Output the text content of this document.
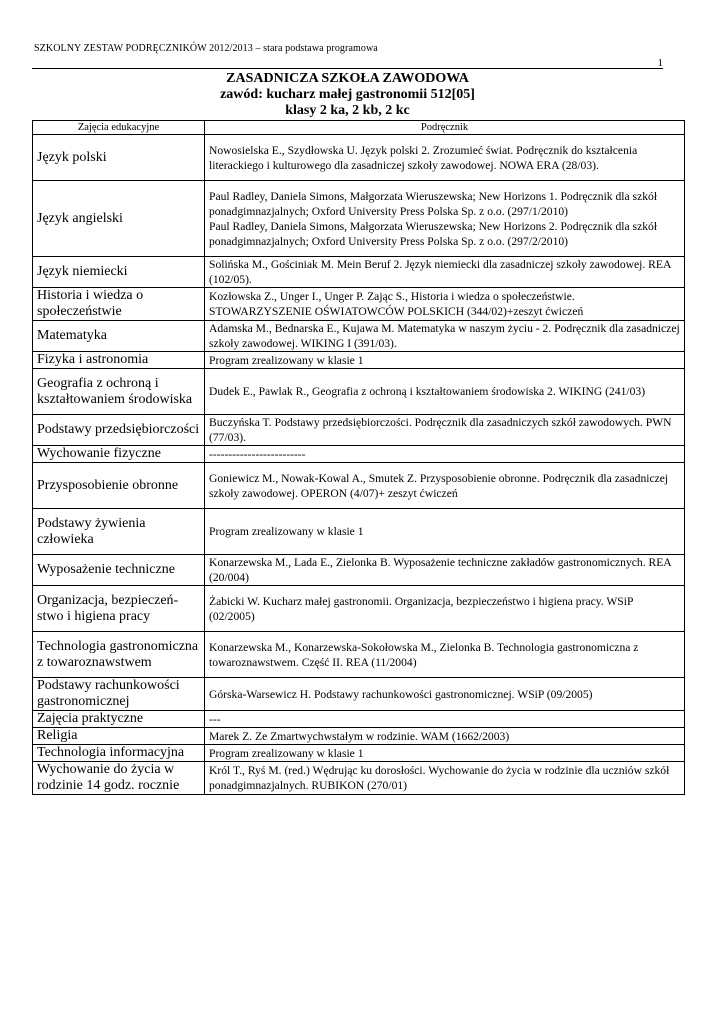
SZKOLNY ZESTAW PODRĘCZNIKÓW 2012/2013 – stara podstawa programowa
1
ZASADNICZA SZKOŁA ZAWODOWA
zawód: kucharz małej gastronomii 512[05]
klasy 2 ka, 2 kb, 2 kc
Zajęcia edukacyjne	Podręcznik
Język polski	Nowosielska E., Szydłowska U. Język polski 2. Zrozumieć świat. Podręcznik do kształcenia literackiego i kulturowego dla zasadniczej szkoły zawodowej. NOWA ERA (28/03).
Język angielski	Paul Radley, Daniela Simons, Małgorzata Wieruszewska; New Horizons 1. Podręcznik dla szkół ponadgimnazjalnych; Oxford University Press Polska Sp. z o.o. (297/1/2010)
Paul Radley, Daniela Simons, Małgorzata Wieruszewska; New Horizons 2. Podręcznik dla szkół ponadgimnazjalnych; Oxford University Press Polska Sp. z o.o. (297/2/2010)
Język niemiecki	Solińska M., Gościniak M. Mein Beruf 2. Język niemiecki dla zasadniczej szkoły zawodowej. REA (102/05).
Historia i wiedza o społeczeństwie	Kozłowska Z., Unger I., Unger P. Zając S., Historia i wiedza o społeczeństwie. STOWARZYSZENIE OŚWIATOWCÓW POLSKICH (344/02)+zeszyt ćwiczeń
Matematyka	Adamska M., Bednarska E., Kujawa M. Matematyka w naszym życiu - 2. Podręcznik dla zasadniczej szkoły zawodowej. WIKING I (391/03).
Fizyka i astronomia	Program zrealizowany w klasie 1
Geografia z ochroną i kształtowaniem środowiska	Dudek E., Pawlak R., Geografia z ochroną i kształtowaniem środowiska 2. WIKING (241/03)
Podstawy przedsiębiorczości	Buczyńska T. Podstawy przedsiębiorczości. Podręcznik dla zasadniczych szkół zawodowych. PWN (77/03).
Wychowanie fizyczne	-------------------------
Przysposobienie obronne	Goniewicz M., Nowak-Kowal A., Smutek Z. Przysposobienie obronne. Podręcznik dla zasadniczej szkoły zawodowej. OPERON (4/07)+ zeszyt ćwiczeń
Podstawy żywienia człowieka	Program zrealizowany w klasie 1
Wyposażenie techniczne	Konarzewska M., Lada E., Zielonka B. Wyposażenie techniczne zakładów gastronomicznych. REA (20/004)
Organizacja, bezpieczeń-stwo i higiena pracy	Żabicki W. Kucharz małej gastronomii. Organizacja, bezpieczeństwo i higiena pracy. WSiP (02/2005)
Technologia gastronomiczna z towaroznawstwem	Konarzewska M., Konarzewska-Sokołowska M., Zielonka B. Technologia gastronomiczna z towaroznawstwem. Część II. REA (11/2004)
Podstawy rachunkowości gastronomicznej	Górska-Warsewicz H. Podstawy rachunkowości gastronomicznej. WSiP (09/2005)
Zajęcia praktyczne	---
Religia	Marek Z. Ze Zmartwychwstałym w rodzinie. WAM (1662/2003)
Technologia informacyjna	Program zrealizowany w klasie 1
Wychowanie do życia w rodzinie 14 godz. rocznie	Król T., Ryś M. (red.) Wędrując ku dorosłości. Wychowanie do życia w rodzinie dla uczniów szkół ponadgimnazjalnych. RUBIKON (270/01)
